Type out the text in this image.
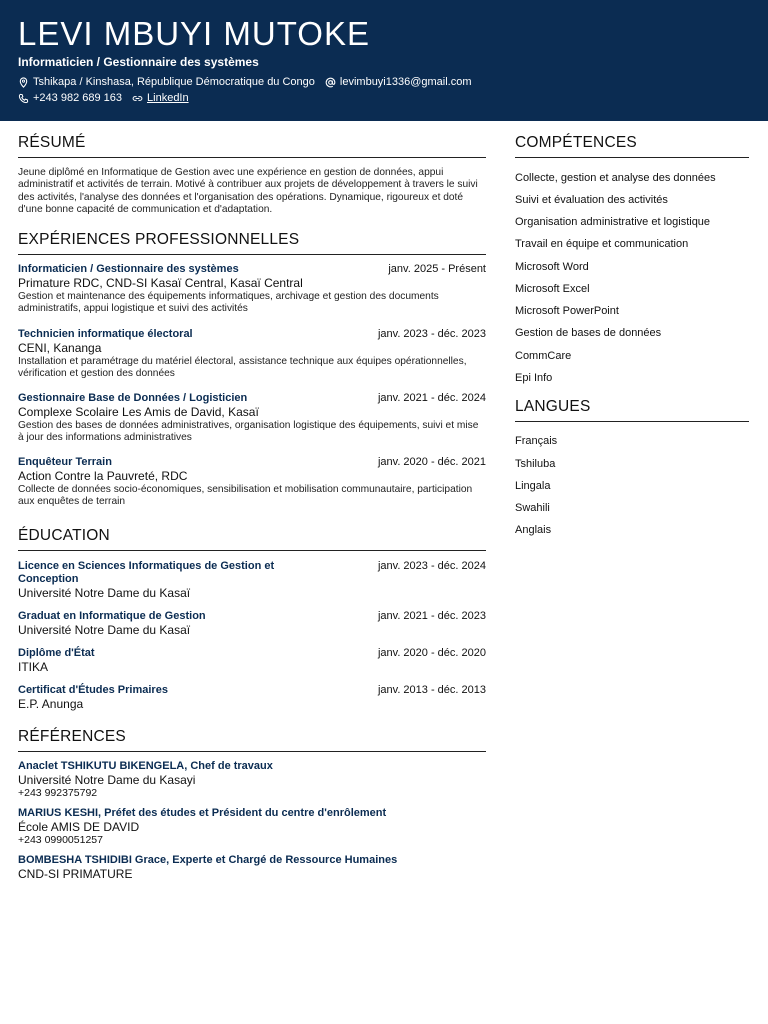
LEVI MBUYI MUTOKE
Informaticien / Gestionnaire des systèmes
Tshikapa / Kinshasa, République Démocratique du Congo levimbuyi1336@gmail.com
+243 982 689 163 LinkedIn
RÉSUMÉ
Jeune diplômé en Informatique de Gestion avec une expérience en gestion de données, appui administratif et activités de terrain. Motivé à contribuer aux projets de développement à travers le suivi des activités, l'analyse des données et l'organisation des opérations. Dynamique, rigoureux et doté d'une bonne capacité de communication et d'adaptation.
EXPÉRIENCES PROFESSIONNELLES
Informaticien / Gestionnaire des systèmes	janv. 2025 - Présent
Primature RDC, CND-SI Kasaï Central, Kasaï Central
Gestion et maintenance des équipements informatiques, archivage et gestion des documents administratifs, appui logistique et suivi des activités
Technicien informatique électoral	janv. 2023 - déc. 2023
CENI, Kananga
Installation et paramétrage du matériel électoral, assistance technique aux équipes opérationnelles, vérification et gestion des données
Gestionnaire Base de Données / Logisticien	janv. 2021 - déc. 2024
Complexe Scolaire Les Amis de David, Kasaï
Gestion des bases de données administratives, organisation logistique des équipements, suivi et mise à jour des informations administratives
Enquêteur Terrain	janv. 2020 - déc. 2021
Action Contre la Pauvreté, RDC
Collecte de données socio-économiques, sensibilisation et mobilisation communautaire, participation aux enquêtes de terrain
ÉDUCATION
Licence en Sciences Informatiques de Gestion et Conception
janv. 2023 - déc. 2024
Université Notre Dame du Kasaï
Graduat en Informatique de Gestion	janv. 2021 - déc. 2023
Université Notre Dame du Kasaï
Diplôme d'État	janv. 2020 - déc. 2020
ITIKA
Certificat d'Études Primaires	janv. 2013 - déc. 2013
E.P. Anunga
RÉFÉRENCES
Anaclet TSHIKUTU BIKENGELA, Chef de travaux
Université Notre Dame du Kasayi
+243 992375792
MARIUS KESHI, Préfet des études et Président du centre d'enrôlement
École AMIS DE DAVID
+243 0990051257
BOMBESHA TSHIDIBI Grace, Experte et Chargé de Ressource Humaines
CND-SI PRIMATURE
COMPÉTENCES
Collecte, gestion et analyse des données
Suivi et évaluation des activités
Organisation administrative et logistique
Travail en équipe et communication
Microsoft Word
Microsoft Excel
Microsoft PowerPoint
Gestion de bases de données
CommCare
Epi Info
LANGUES
Français
Tshiluba
Lingala
Swahili
Anglais
